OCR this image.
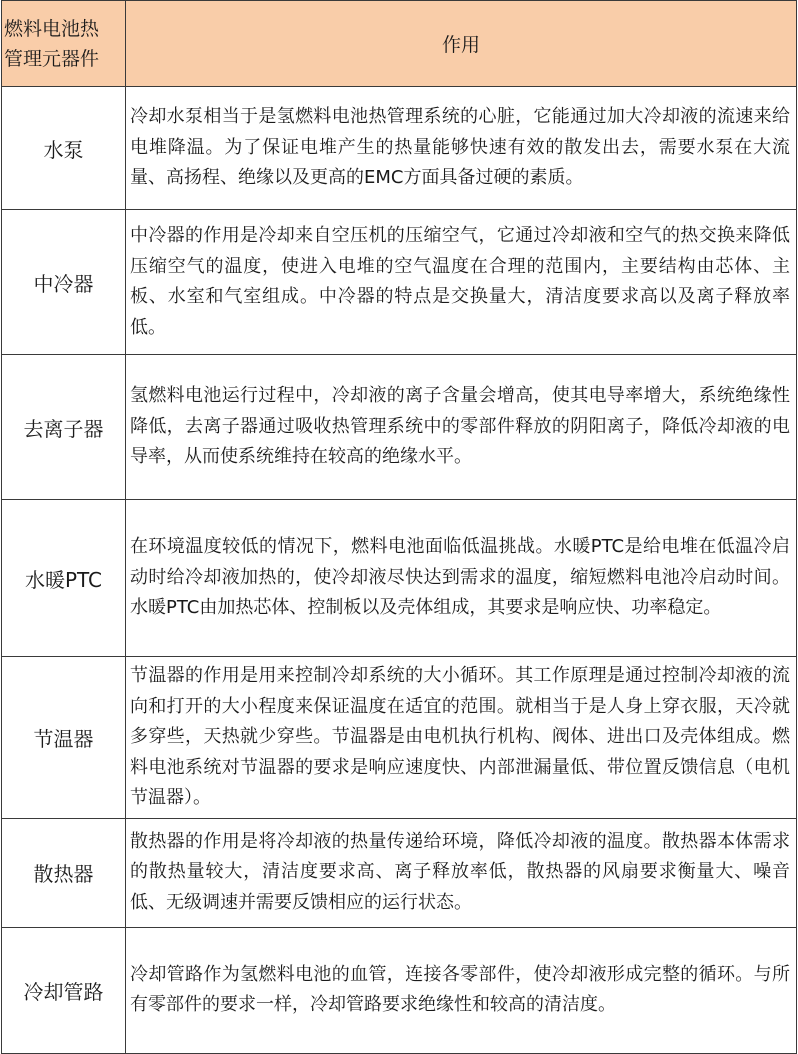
燃料电池热
管理元器件	作用
水泵	冷却水泵相当于是氢燃料电池热管理系统的心脏，它能通过加大冷却液的流速来给电堆降温。为了保证电堆产生的热量能够快速有效的散发出去，需要水泵在大流量、高扬程、绝缘以及更高的EMC方面具备过硬的素质。
中冷器	中冷器的作用是冷却来自空压机的压缩空气，它通过冷却液和空气的热交换来降低压缩空气的温度，使进入电堆的空气温度在合理的范围内，主要结构由芯体、主板、水室和气室组成。中冷器的特点是交换量大，清洁度要求高以及离子释放率低。
去离子器	氢燃料电池运行过程中，冷却液的离子含量会增高，使其电导率增大，系统绝缘性降低，去离子器通过吸收热管理系统中的零部件释放的阴阳离子，降低冷却液的电导率，从而使系统维持在较高的绝缘水平。
水暖PTC	在环境温度较低的情况下，燃料电池面临低温挑战。水暖PTC是给电堆在低温冷启动时给冷却液加热的，使冷却液尽快达到需求的温度，缩短燃料电池冷启动时间。水暖PTC由加热芯体、控制板以及壳体组成，其要求是响应快、功率稳定。
节温器	节温器的作用是用来控制冷却系统的大小循环。其工作原理是通过控制冷却液的流向和打开的大小程度来保证温度在适宜的范围。就相当于是人身上穿衣服，天冷就多穿些，天热就少穿些。节温器是由电机执行机构、阀体、进出口及壳体组成。燃料电池系统对节温器的要求是响应速度快、内部泄漏量低、带位置反馈信息（电机节温器）。
散热器	散热器的作用是将冷却液的热量传递给环境，降低冷却液的温度。散热器本体需求的散热量较大，清洁度要求高、离子释放率低，散热器的风扇要求衡量大、噪音低、无级调速并需要反馈相应的运行状态。
冷却管路	冷却管路作为氢燃料电池的血管，连接各零部件，使冷却液形成完整的循环。与所有零部件的要求一样，冷却管路要求绝缘性和较高的清洁度。
